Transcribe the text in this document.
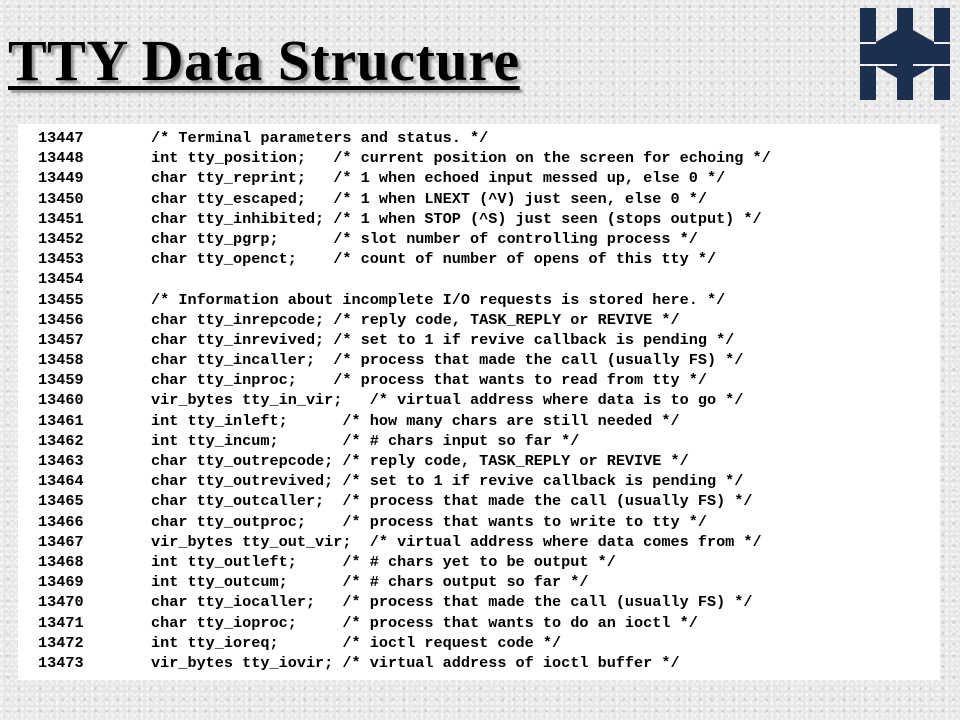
TTY Data Structure
13447	/* Terminal parameters and status. */
13448	int tty_position;   /* current position on the screen for echoing */
13449	char tty_reprint;   /* 1 when echoed input messed up, else 0 */
13450	char tty_escaped;   /* 1 when LNEXT (^V) just seen, else 0 */
13451	char tty_inhibited; /* 1 when STOP (^S) just seen (stops output) */
13452	char tty_pgrp;      /* slot number of controlling process */
13453	char tty_openct;    /* count of number of opens of this tty */
13454
13455	/* Information about incomplete I/O requests is stored here. */
13456	char tty_inrepcode; /* reply code, TASK_REPLY or REVIVE */
13457	char tty_inrevived; /* set to 1 if revive callback is pending */
13458	char tty_incaller;  /* process that made the call (usually FS) */
13459	char tty_inproc;    /* process that wants to read from tty */
13460	vir_bytes tty_in_vir;   /* virtual address where data is to go */
13461	int tty_inleft;      /* how many chars are still needed */
13462	int tty_incum;       /* # chars input so far */
13463	char tty_outrepcode; /* reply code, TASK_REPLY or REVIVE */
13464	char tty_outrevived; /* set to 1 if revive callback is pending */
13465	char tty_outcaller;  /* process that made the call (usually FS) */
13466	char tty_outproc;    /* process that wants to write to tty */
13467	vir_bytes tty_out_vir;  /* virtual address where data comes from */
13468	int tty_outleft;     /* # chars yet to be output */
13469	int tty_outcum;      /* # chars output so far */
13470	char tty_iocaller;   /* process that made the call (usually FS) */
13471	char tty_ioproc;     /* process that wants to do an ioctl */
13472	int tty_ioreq;       /* ioctl request code */
13473	vir_bytes tty_iovir; /* virtual address of ioctl buffer */
